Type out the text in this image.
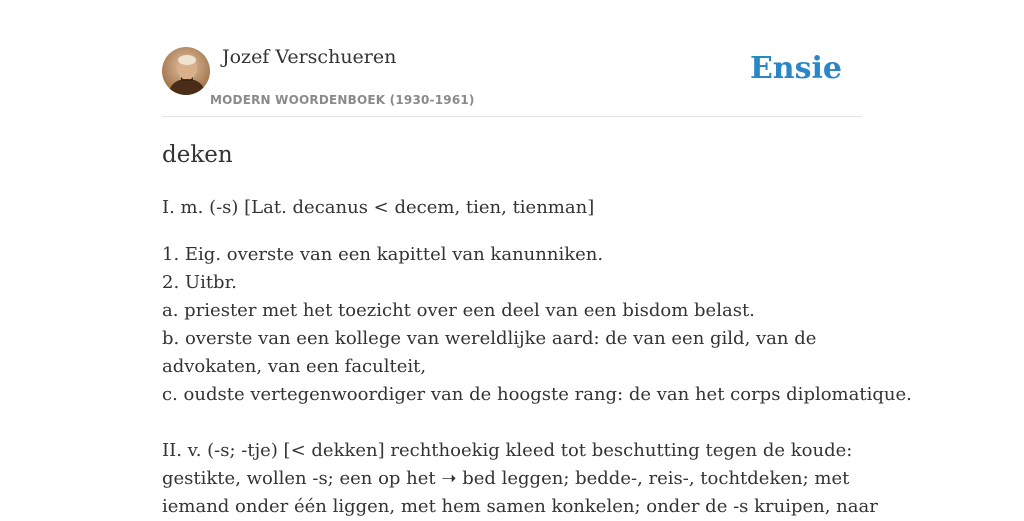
Jozef Verschueren
MODERN WOORDENBOEK (1930-1961)
Ensie
deken
I. m. (-s) [Lat. decanus < decem, tien, tienman]
1. Eig. overste van een kapittel van kanunniken.
2. Uitbr.
a. priester met het toezicht over een deel van een bisdom belast.
b. overste van een kollege van wereldlijke aard: de van een gild, van de
advokaten, van een faculteit,
c. oudste vertegenwoordiger van de hoogste rang: de van het corps diplomatique.
II. v. (-s; -tje) [< dekken] rechthoekig kleed tot beschutting tegen de koude:
gestikte, wollen -s; een op het ➝ bed leggen; bedde-, reis-, tochtdeken; met
iemand onder één liggen, met hem samen konkelen; onder de -s kruipen, naar
